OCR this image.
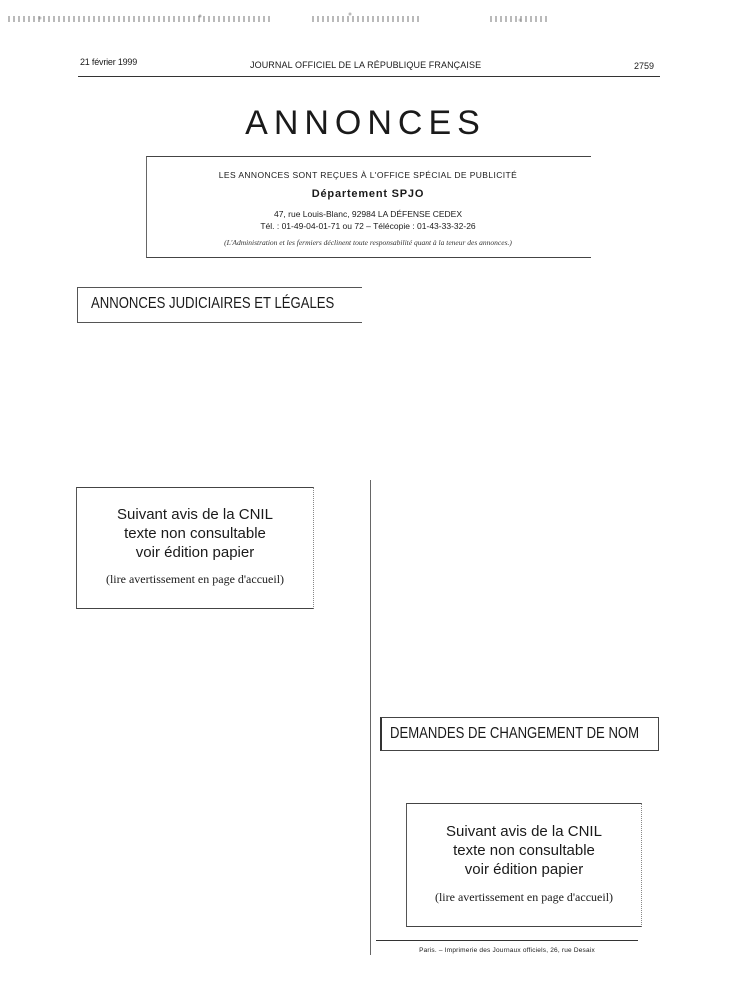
21 février 1999	JOURNAL OFFICIEL DE LA RÉPUBLIQUE FRANÇAISE	2759
ANNONCES
LES ANNONCES SONT REÇUES À L'OFFICE SPÉCIAL DE PUBLICITÉ
Département SPJO
47, rue Louis-Blanc, 92984 LA DÉFENSE CEDEX
Tél. : 01-49-04-01-71 ou 72 – Télécopie : 01-43-33-32-26
(L'Administration et les fermiers déclinent toute responsabilité quant à la teneur des annonces.)
ANNONCES JUDICIAIRES ET LÉGALES
Suivant avis de la CNIL
texte non consultable
voir édition papier
(lire avertissement en page d'accueil)
DEMANDES DE CHANGEMENT DE NOM
Suivant avis de la CNIL
texte non consultable
voir édition papier
(lire avertissement en page d'accueil)
Paris. – Imprimerie des Journaux officiels, 26, rue Desaix
